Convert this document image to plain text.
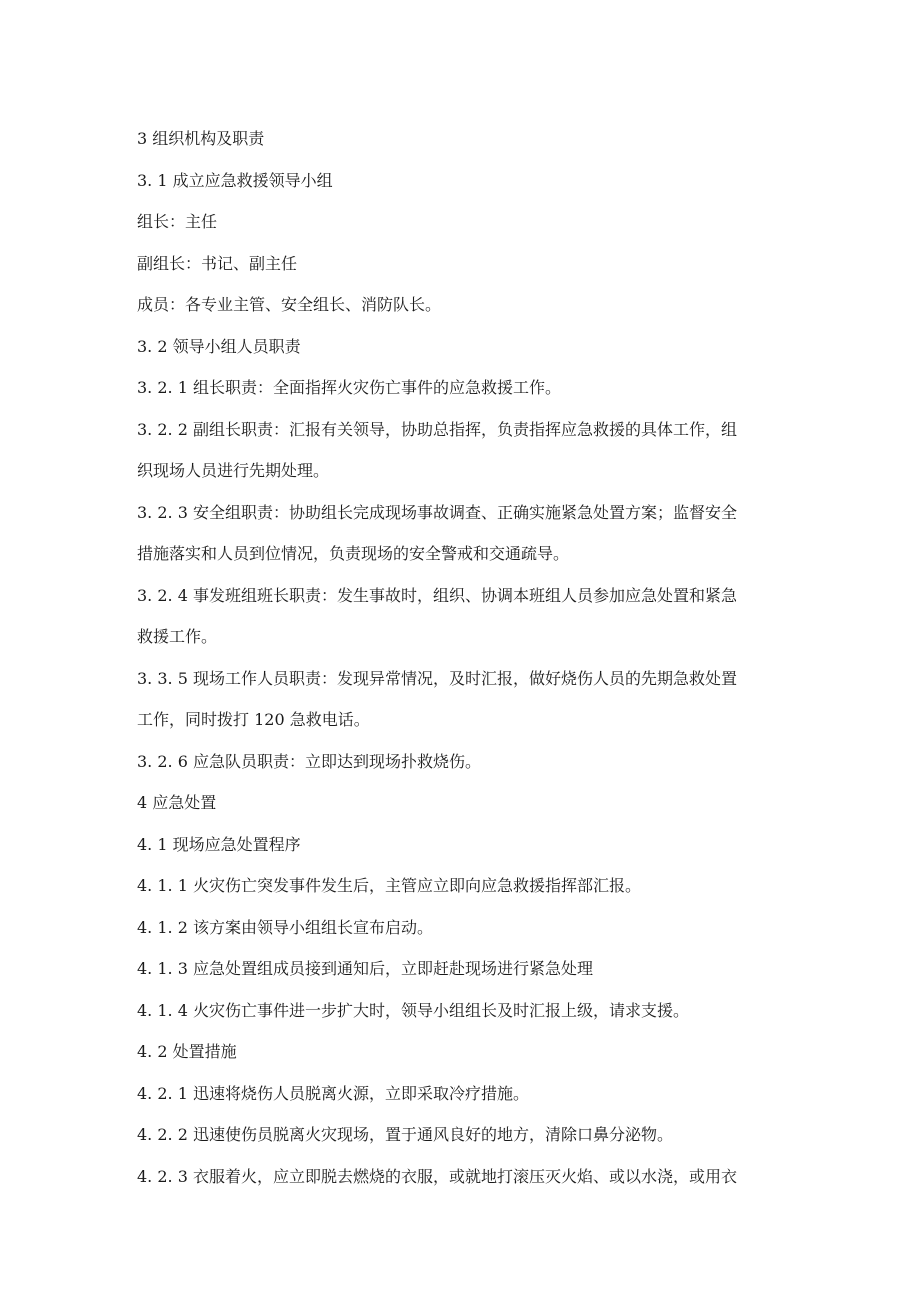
3 组织机构及职责
3. 1 成立应急救援领导小组
组长：主任
副组长：书记、副主任
成员：各专业主管、安全组长、消防队长。
3. 2 领导小组人员职责
3. 2. 1 组长职责：全面指挥火灾伤亡事件的应急救援工作。
3. 2. 2 副组长职责：汇报有关领导，协助总指挥，负责指挥应急救援的具体工作，组
织现场人员进行先期处理。
3. 2. 3 安全组职责：协助组长完成现场事故调查、正确实施紧急处置方案；监督安全
措施落实和人员到位情况，负责现场的安全警戒和交通疏导。
3. 2. 4 事发班组班长职责：发生事故时，组织、协调本班组人员参加应急处置和紧急
救援工作。
3. 3. 5 现场工作人员职责：发现异常情况，及时汇报，做好烧伤人员的先期急救处置
工作，同时拨打 120 急救电话。
3. 2. 6 应急队员职责：立即达到现场扑救烧伤。
4 应急处置
4. 1 现场应急处置程序
4. 1. 1 火灾伤亡突发事件发生后，主管应立即向应急救援指挥部汇报。
4. 1. 2 该方案由领导小组组长宣布启动。
4. 1. 3 应急处置组成员接到通知后，立即赶赴现场进行紧急处理
4. 1. 4 火灾伤亡事件进一步扩大时，领导小组组长及时汇报上级，请求支援。
4. 2 处置措施
4. 2. 1 迅速将烧伤人员脱离火源，立即采取冷疗措施。
4. 2. 2 迅速使伤员脱离火灾现场，置于通风良好的地方，清除口鼻分泌物。
4. 2. 3 衣服着火，应立即脱去燃烧的衣服，或就地打滚压灭火焰、或以水浇，或用衣
